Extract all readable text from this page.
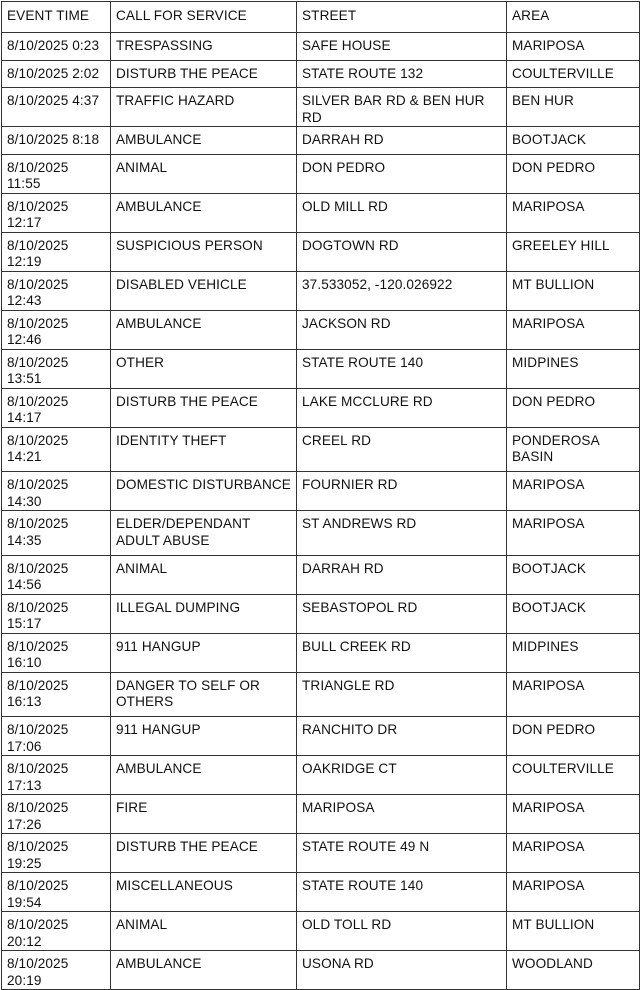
EVENT TIME	CALL FOR SERVICE	STREET	AREA
8/10/2025 0:23	TRESPASSING	SAFE HOUSE	MARIPOSA
8/10/2025 2:02	DISTURB THE PEACE	STATE ROUTE 132	COULTERVILLE
8/10/2025 4:37	TRAFFIC HAZARD	SILVER BAR RD & BEN HUR RD	BEN HUR
8/10/2025 8:18	AMBULANCE	DARRAH RD	BOOTJACK
8/10/2025 11:55	ANIMAL	DON PEDRO	DON PEDRO
8/10/2025 12:17	AMBULANCE	OLD MILL RD	MARIPOSA
8/10/2025 12:19	SUSPICIOUS PERSON	DOGTOWN RD	GREELEY HILL
8/10/2025 12:43	DISABLED VEHICLE	37.533052, -120.026922	MT BULLION
8/10/2025 12:46	AMBULANCE	JACKSON RD	MARIPOSA
8/10/2025 13:51	OTHER	STATE ROUTE 140	MIDPINES
8/10/2025 14:17	DISTURB THE PEACE	LAKE MCCLURE RD	DON PEDRO
8/10/2025 14:21	IDENTITY THEFT	CREEL RD	PONDEROSA BASIN
8/10/2025 14:30	DOMESTIC DISTURBANCE	FOURNIER RD	MARIPOSA
8/10/2025 14:35	ELDER/DEPENDANT ADULT ABUSE	ST ANDREWS RD	MARIPOSA
8/10/2025 14:56	ANIMAL	DARRAH RD	BOOTJACK
8/10/2025 15:17	ILLEGAL DUMPING	SEBASTOPOL RD	BOOTJACK
8/10/2025 16:10	911 HANGUP	BULL CREEK RD	MIDPINES
8/10/2025 16:13	DANGER TO SELF OR OTHERS	TRIANGLE RD	MARIPOSA
8/10/2025 17:06	911 HANGUP	RANCHITO DR	DON PEDRO
8/10/2025 17:13	AMBULANCE	OAKRIDGE CT	COULTERVILLE
8/10/2025 17:26	FIRE	MARIPOSA	MARIPOSA
8/10/2025 19:25	DISTURB THE PEACE	STATE ROUTE 49 N	MARIPOSA
8/10/2025 19:54	MISCELLANEOUS	STATE ROUTE 140	MARIPOSA
8/10/2025 20:12	ANIMAL	OLD TOLL RD	MT BULLION
8/10/2025 20:19	AMBULANCE	USONA RD	WOODLAND
